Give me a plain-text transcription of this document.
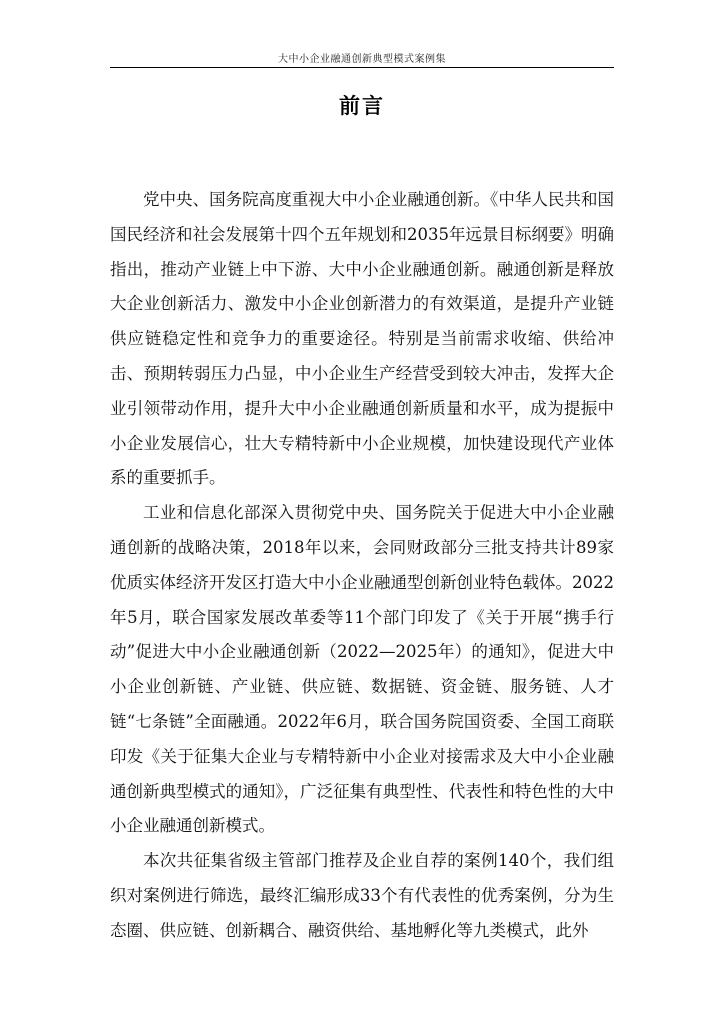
大中小企业融通创新典型模式案例集
前言

党中央、国务院高度重视大中小企业融通创新。《中华人民共和国国民经济和社会发展第十四个五年规划和2035年远景目标纲要》明确指出，推动产业链上中下游、大中小企业融通创新。融通创新是释放大企业创新活力、激发中小企业创新潜力的有效渠道，是提升产业链供应链稳定性和竞争力的重要途径。特别是当前需求收缩、供给冲击、预期转弱压力凸显，中小企业生产经营受到较大冲击，发挥大企业引领带动作用，提升大中小企业融通创新质量和水平，成为提振中小企业发展信心，壮大专精特新中小企业规模，加快建设现代产业体系的重要抓手。

工业和信息化部深入贯彻党中央、国务院关于促进大中小企业融通创新的战略决策，2018年以来，会同财政部分三批支持共计89家优质实体经济开发区打造大中小企业融通型创新创业特色载体。2022年5月，联合国家发展改革委等11个部门印发了《关于开展“携手行动”促进大中小企业融通创新（2022—2025年）的通知》，促进大中小企业创新链、产业链、供应链、数据链、资金链、服务链、人才链“七条链”全面融通。2022年6月，联合国务院国资委、全国工商联印发《关于征集大企业与专精特新中小企业对接需求及大中小企业融通创新典型模式的通知》，广泛征集有典型性、代表性和特色性的大中小企业融通创新模式。

本次共征集省级主管部门推荐及企业自荐的案例140个，我们组织对案例进行筛选，最终汇编形成33个有代表性的优秀案例，分为生态圈、供应链、创新耦合、融资供给、基地孵化等九类模式，此外
